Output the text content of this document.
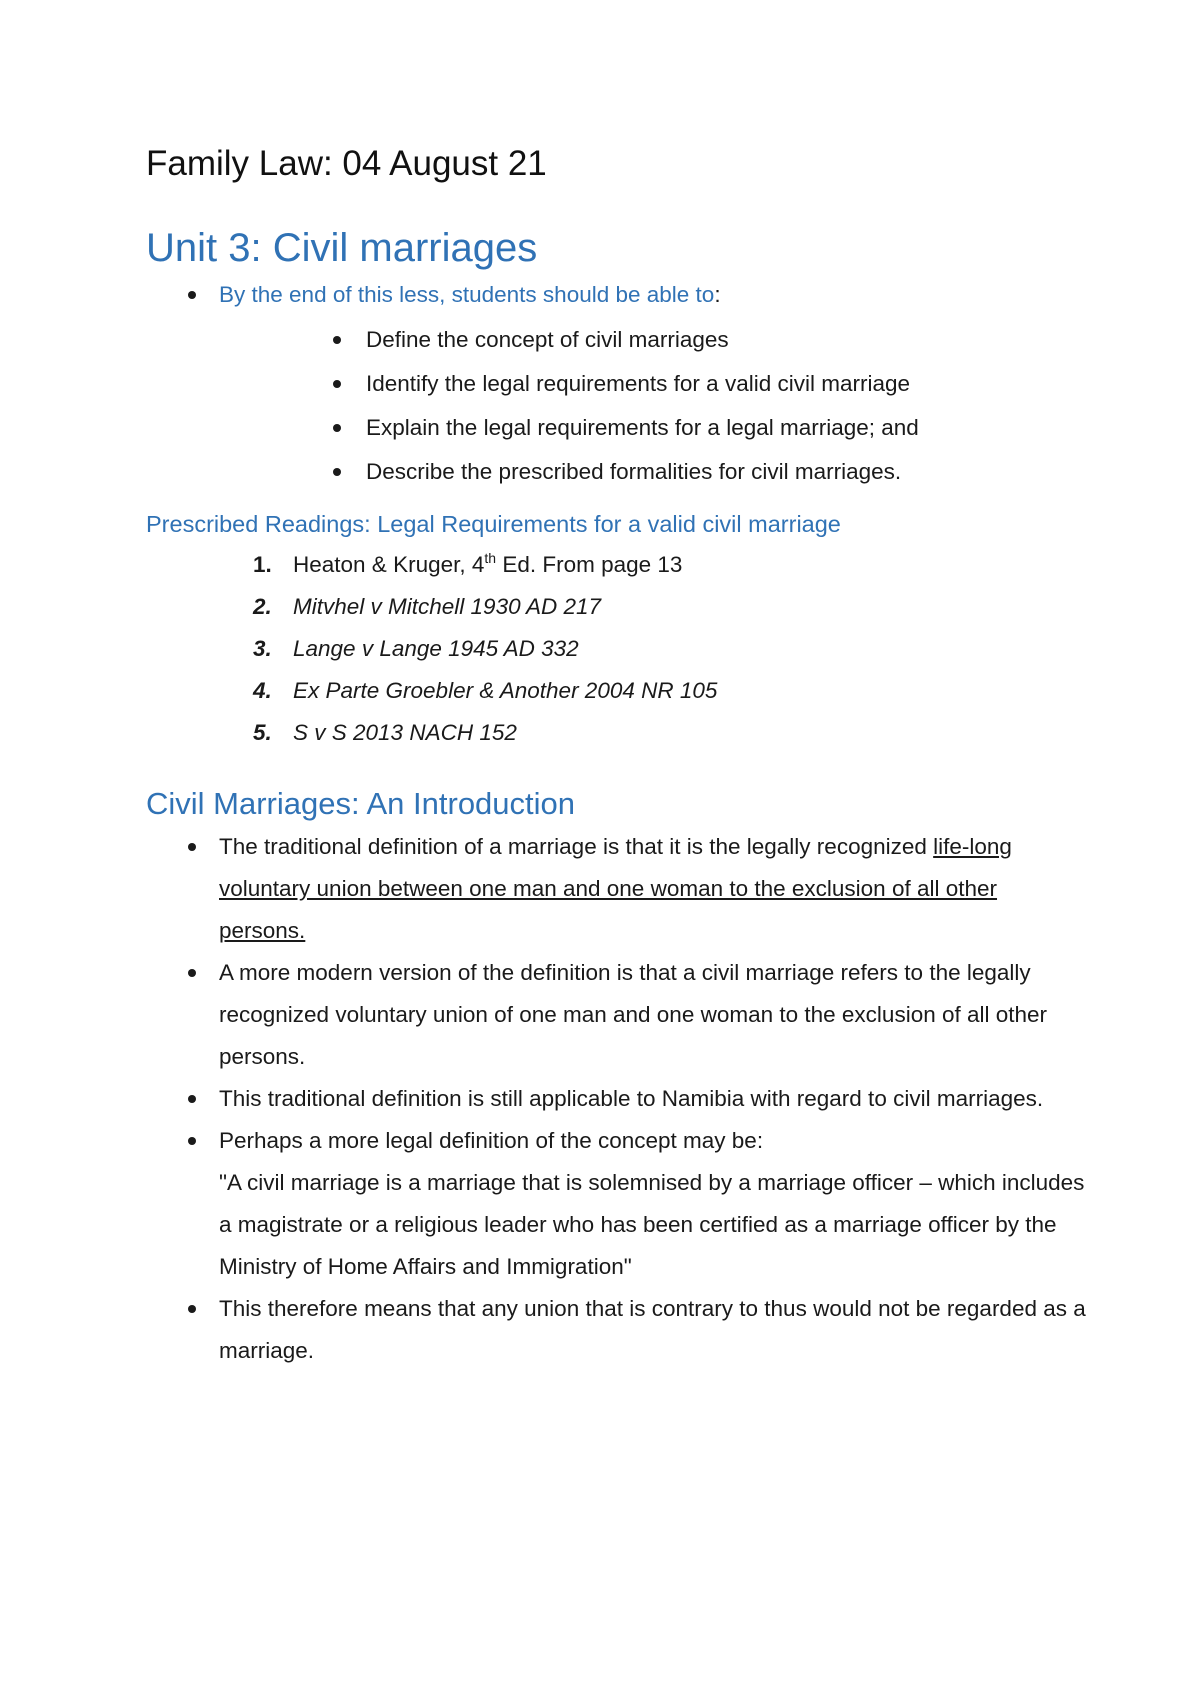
Family Law: 04 August 21
Unit 3: Civil marriages
By the end of this less, students should be able to:
Define the concept of civil marriages
Identify the legal requirements for a valid civil marriage
Explain the legal requirements for a legal marriage; and
Describe the prescribed formalities for civil marriages.
Prescribed Readings: Legal Requirements for a valid civil marriage
1. Heaton & Kruger, 4th Ed. From page 13
2. Mitvhel v Mitchell 1930 AD 217
3. Lange v Lange 1945 AD 332
4. Ex Parte Groebler & Another 2004 NR 105
5. S v S 2013 NACH 152
Civil Marriages: An Introduction
The traditional definition of a marriage is that it is the legally recognized life-long voluntary union between one man and one woman to the exclusion of all other persons.
A more modern version of the definition is that a civil marriage refers to the legally recognized voluntary union of one man and one woman to the exclusion of all other persons.
This traditional definition is still applicable to Namibia with regard to civil marriages.
Perhaps a more legal definition of the concept may be:
"A civil marriage is a marriage that is solemnised by a marriage officer – which includes a magistrate or a religious leader who has been certified as a marriage officer by the Ministry of Home Affairs and Immigration"
This therefore means that any union that is contrary to thus would not be regarded as a marriage.
